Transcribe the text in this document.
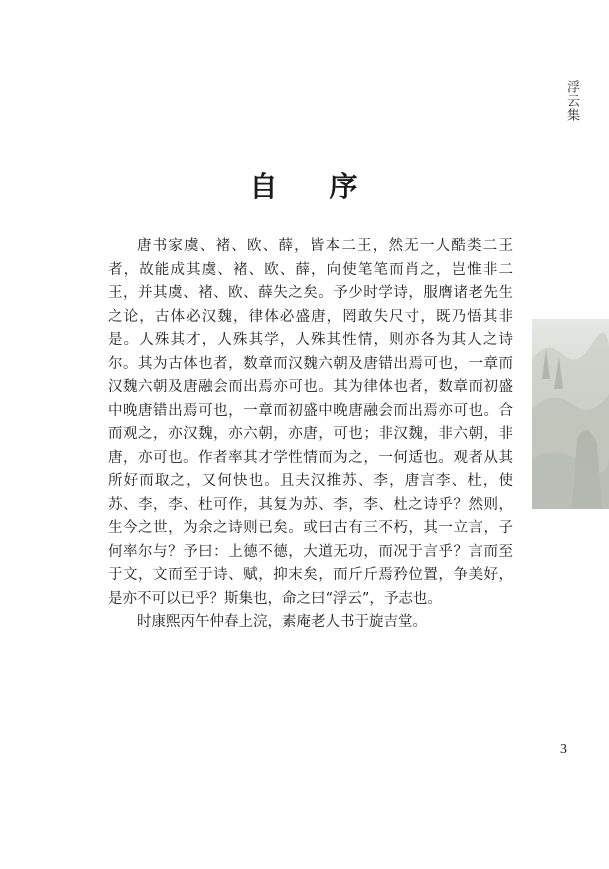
浮云集
自 序

唐书家虞、褚、欧、薛，皆本二王，然无一人酷类二王者，故能成其虞、褚、欧、薛，向使笔笔而肖之，岂惟非二王，并其虞、褚、欧、薛失之矣。予少时学诗，服膺诸老先生之论，古体必汉魏，律体必盛唐，罔敢失尺寸，既乃悟其非是。人殊其才，人殊其学，人殊其性情，则亦各为其人之诗尔。其为古体也者，数章而汉魏六朝及唐错出焉可也，一章而汉魏六朝及唐融会而出焉亦可也。其为律体也者，数章而初盛中晚唐错出焉可也，一章而初盛中晚唐融会而出焉亦可也。合而观之，亦汉魏，亦六朝，亦唐，可也；非汉魏，非六朝，非唐，亦可也。作者率其才学性情而为之，一何适也。观者从其所好而取之，又何快也。且夫汉推苏、李，唐言李、杜，使苏、李，李、杜可作，其复为苏、李，李、杜之诗乎？然则，生今之世，为余之诗则已矣。或曰古有三不朽，其一立言，子何率尔与？予曰：上德不德，大道无功，而况于言乎？言而至于文，文而至于诗、赋，抑末矣，而斤斤焉矜位置，争美好，是亦不可以已乎？斯集也，命之曰“浮云”，予志也。

时康熙丙午仲春上浣，素庵老人书于旋吉堂。

3
